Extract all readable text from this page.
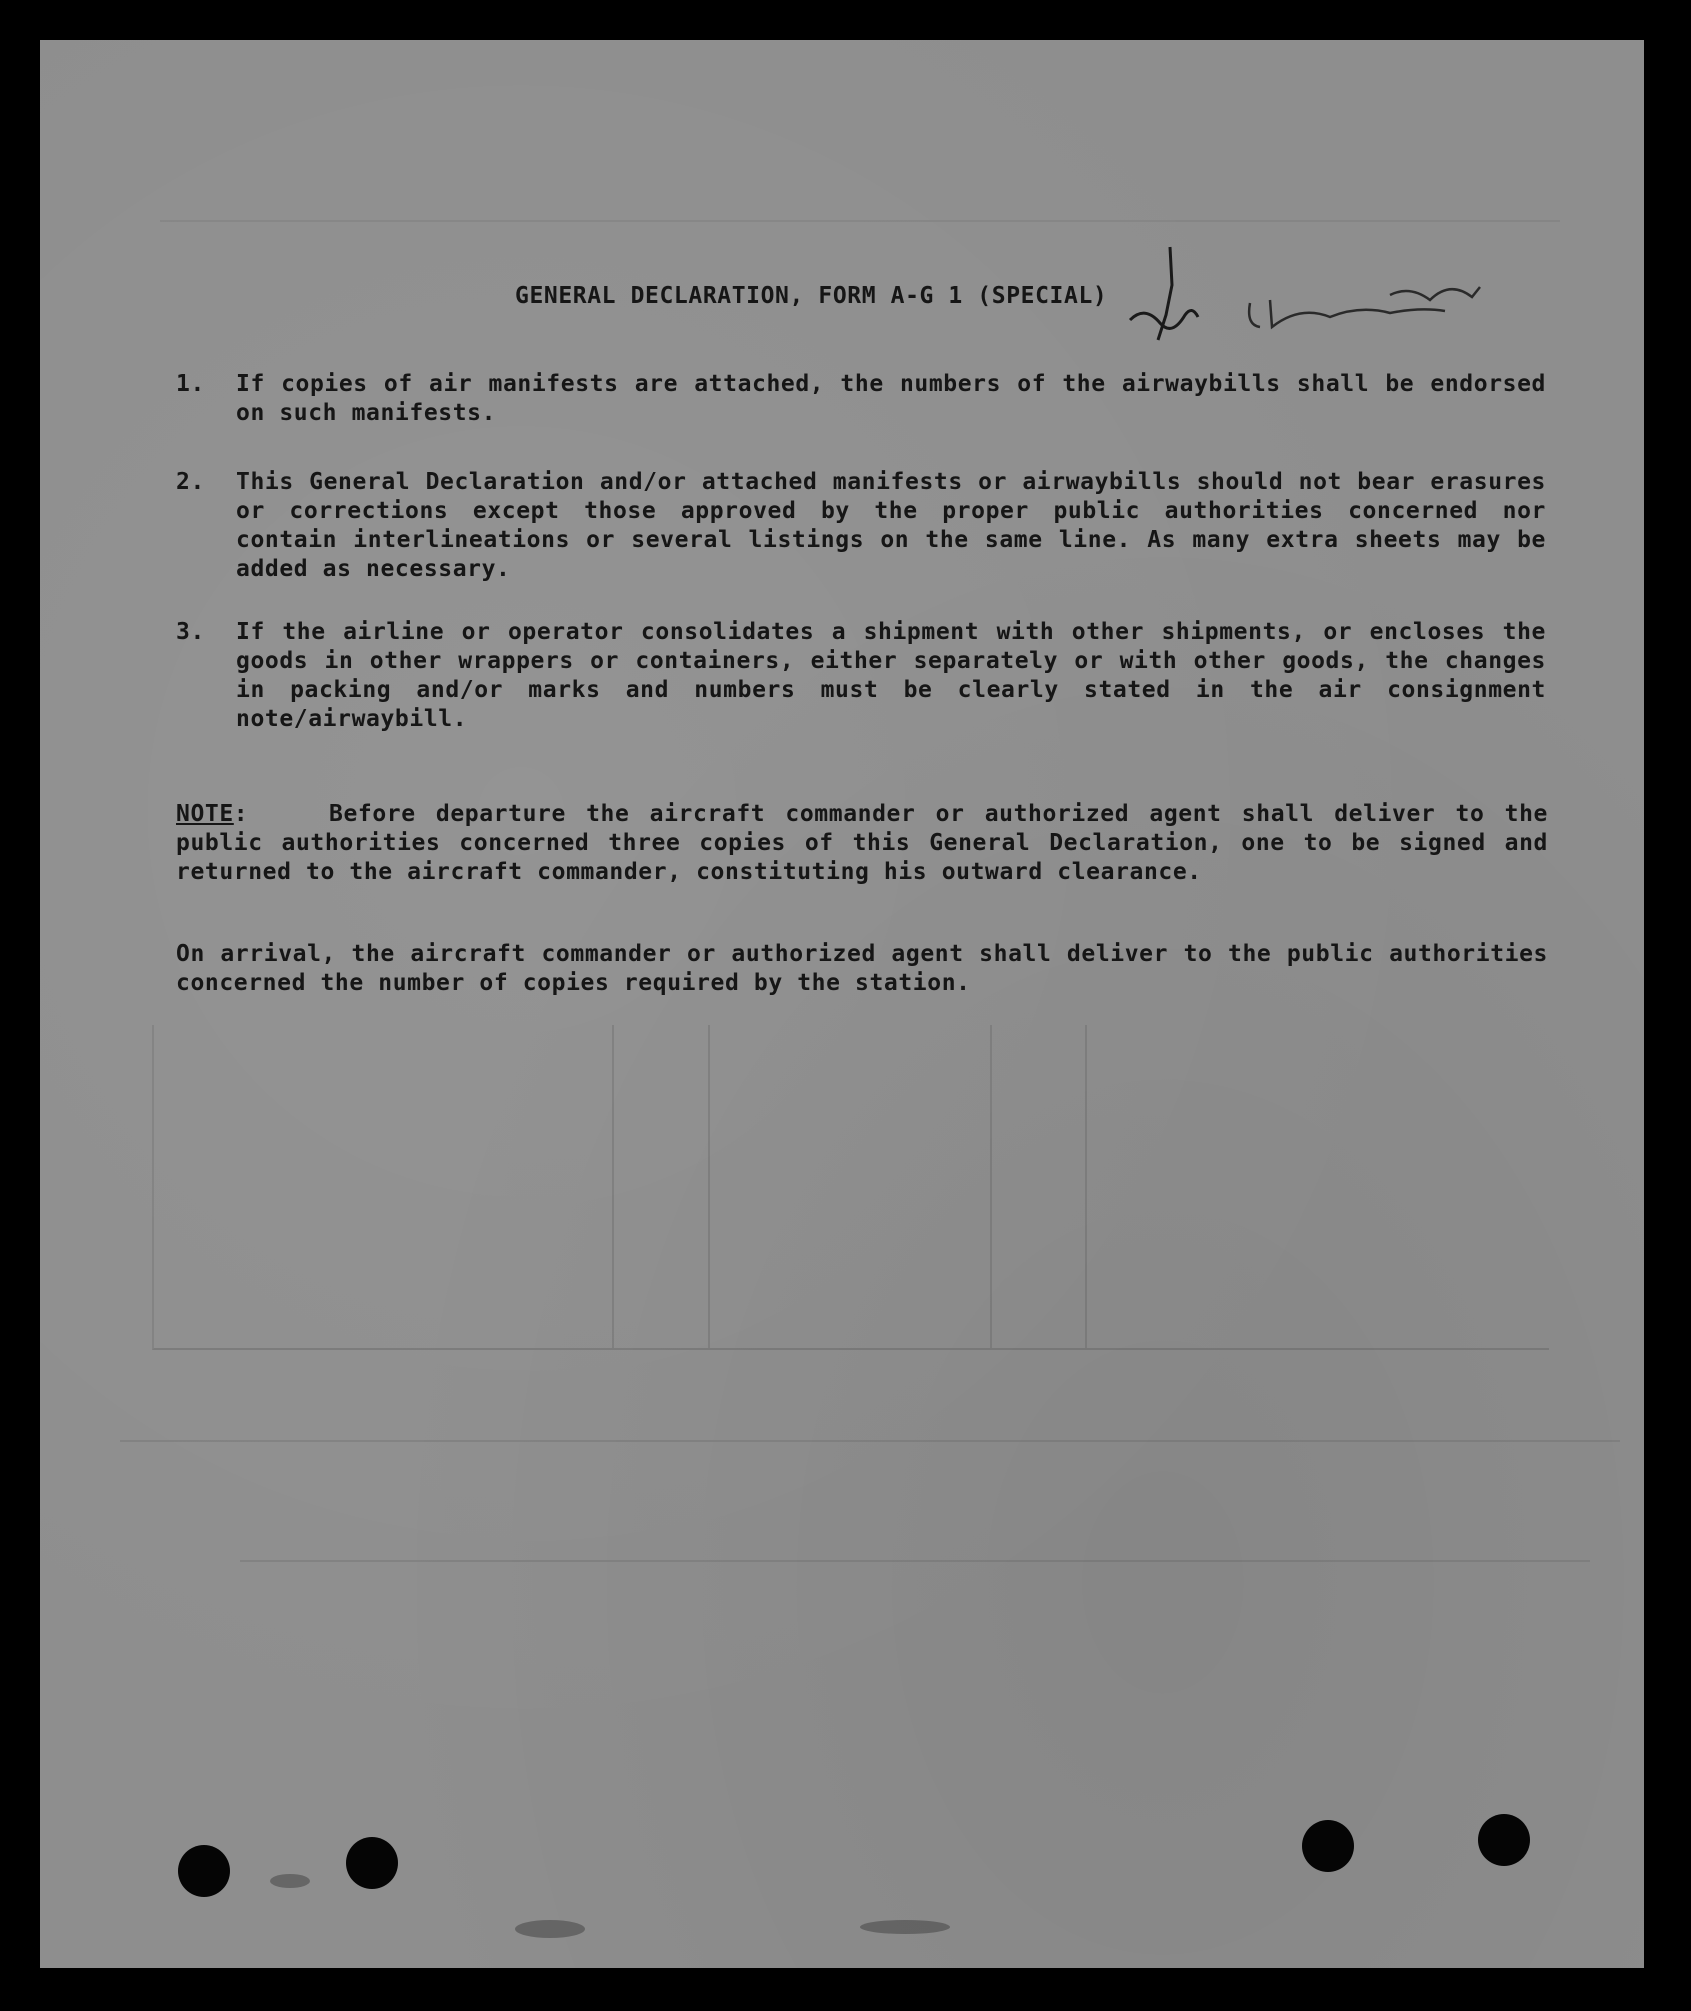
GENERAL DECLARATION, FORM A-G 1 (SPECIAL)
1.	If copies of air manifests are attached, the numbers of the airwaybills shall be endorsed on such manifests.
2.	This General Declaration and/or attached manifests or airwaybills should not bear erasures or corrections except those approved by the proper public authorities concerned nor contain interlineations or several listings on the same line. As many extra sheets may be added as necessary.
3.	If the airline or operator consolidates a shipment with other shipments, or encloses the goods in other wrappers or containers, either separately or with other goods, the changes in packing and/or marks and numbers must be clearly stated in the air consignment note/airwaybill.
NOTE:    Before departure the aircraft commander or authorized agent shall deliver to the public authorities concerned three copies of this General Declaration, one to be signed and returned to the aircraft commander, constituting his outward clearance.
On arrival, the aircraft commander or authorized agent shall deliver to the public authorities concerned the number of copies required by the station.
